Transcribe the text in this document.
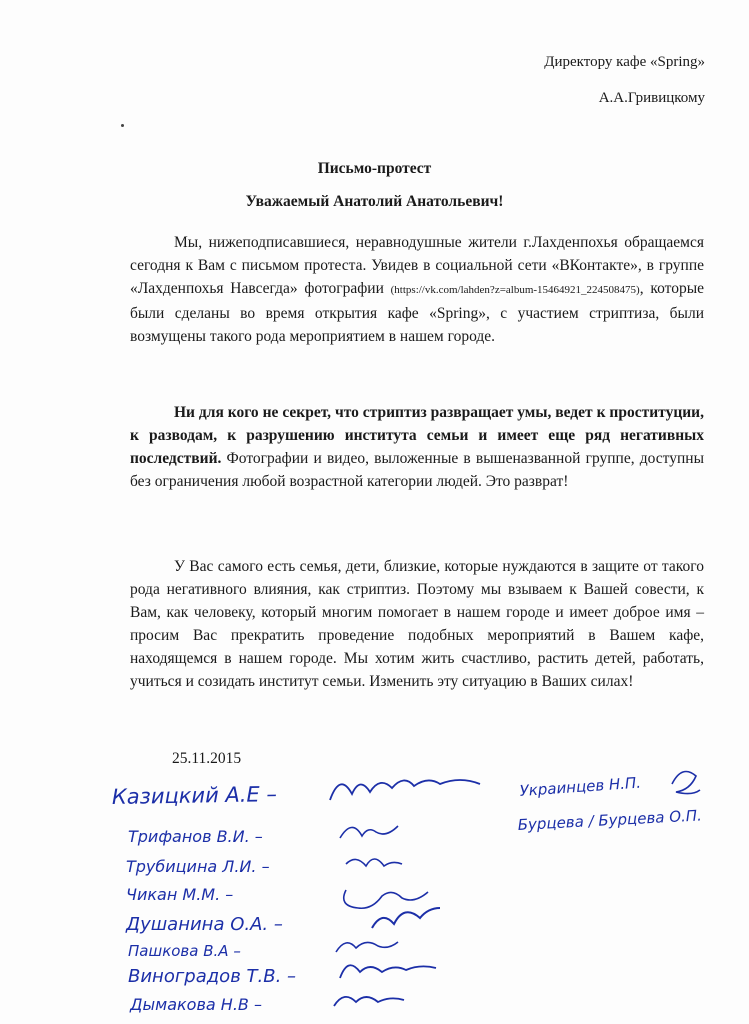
Директору кафе «Spring»
А.А.Гривицкому
Письмо-протест
Уважаемый Анатолий Анатольевич!
Мы, нижеподписавшиеся, неравнодушные жители г.Лахденпохья обращаемся сегодня к Вам с письмом протеста. Увидев в социальной сети «ВКонтакте», в группе «Лахденпохья Навсегда» фотографии (https://vk.com/lahden?z=album-15464921_224508475), которые были сделаны во время открытия кафе «Spring», с участием стриптиза, были возмущены такого рода мероприятием в нашем городе.
Ни для кого не секрет, что стриптиз развращает умы, ведет к проституции, к разводам, к разрушению института семьи и имеет еще ряд негативных последствий. Фотографии и видео, выложенные в вышеназванной группе, доступны без ограничения любой возрастной категории людей. Это разврат!
У Вас самого есть семья, дети, близкие, которые нуждаются в защите от такого рода негативного влияния, как стриптиз. Поэтому мы взываем к Вашей совести, к Вам, как человеку, который многим помогает в нашем городе и имеет доброе имя – просим Вас прекратить проведение подобных мероприятий в Вашем кафе, находящемся в нашем городе. Мы хотим жить счастливо, растить детей, работать, учиться и созидать институт семьи. Изменить эту ситуацию в Ваших силах!
25.11.2015
Казицкий А.Е –	Украинцев Н.П.
Бурцева / Бурцева О.П.
Трифанов В.И. –
Трубицина Л.И. –
Чикан М.М. –
Душанина О.А. –
Пашкова В.А –
Виноградов Т.В. –
Дымакова Н.В –
